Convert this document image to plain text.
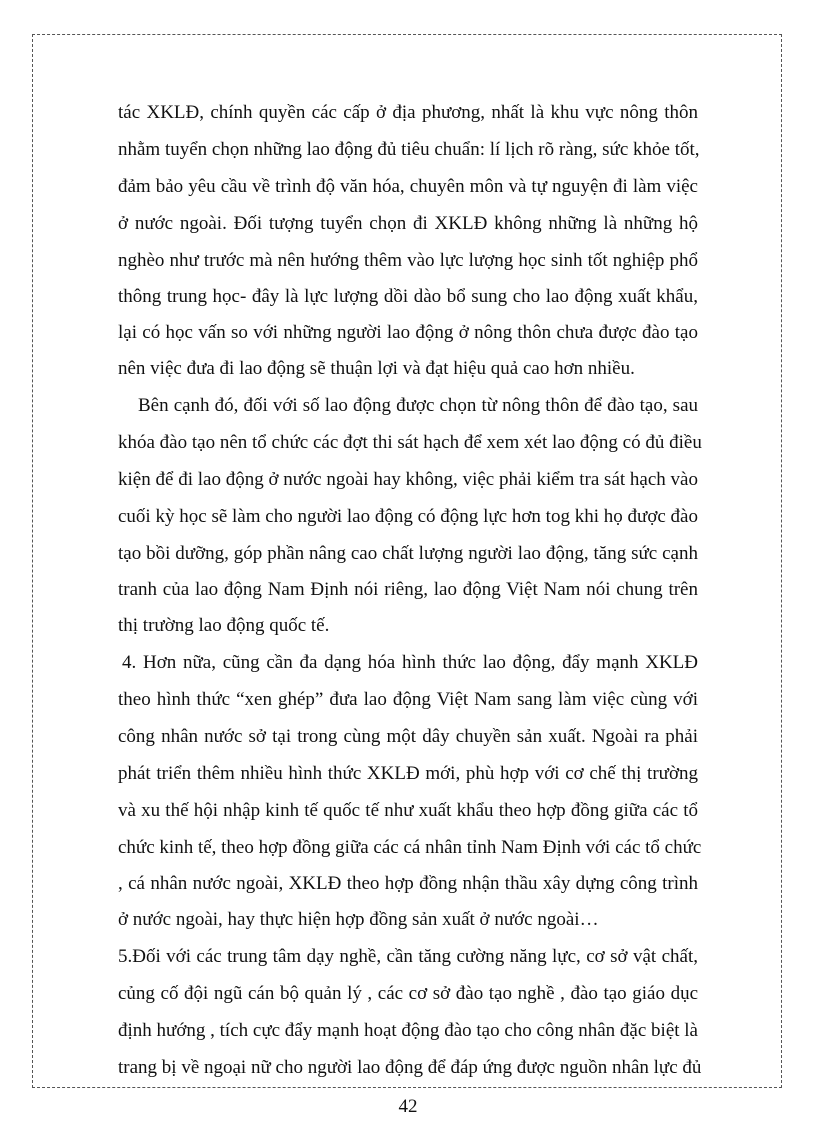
tác XKLĐ, chính quyền các cấp ở địa phương, nhất là khu vực nông thôn
nhằm tuyển chọn những lao động đủ tiêu chuẩn: lí lịch rõ ràng, sức khỏe tốt,
đảm bảo yêu cầu về trình độ văn hóa, chuyên môn và tự nguyện đi làm việc
ở nước ngoài. Đối tượng tuyển chọn đi XKLĐ không những là những hộ
nghèo như trước mà nên hướng thêm vào lực lượng học sinh tốt nghiệp phổ
thông trung học- đây là lực lượng dồi dào bổ sung cho lao động xuất khẩu,
lại có học vấn so với những người lao động ở nông thôn chưa được đào tạo
nên việc đưa đi lao động sẽ thuận lợi và đạt hiệu quả cao hơn nhiều.
Bên cạnh đó, đối với số lao động được chọn từ nông thôn để đào tạo, sau
khóa đào tạo nên tổ chức các đợt thi sát hạch để xem xét lao động có đủ điều
kiện để đi lao động ở nước ngoài hay không, việc phải kiểm tra sát hạch vào
cuối kỳ học sẽ làm cho người lao động có động lực hơn tog khi họ được đào
tạo bồi dưỡng, góp phần nâng cao chất lượng người lao động, tăng sức cạnh
tranh của lao động Nam Định nói riêng, lao động Việt Nam nói chung trên
thị trường lao động quốc tế.
4. Hơn nữa, cũng cần đa dạng hóa hình thức lao động, đẩy mạnh XKLĐ
theo hình thức “xen ghép” đưa lao động Việt Nam sang làm việc cùng với
công nhân nước sở tại trong cùng một dây chuyền sản xuất. Ngoài ra phải
phát triển thêm nhiều hình thức XKLĐ mới, phù hợp với cơ chế thị trường
và xu thế hội nhập kinh tế quốc tế như xuất khẩu theo hợp đồng giữa các tổ
chức kinh tế, theo hợp đồng giữa các cá nhân tỉnh Nam Định với các tổ chức
, cá nhân nước ngoài, XKLĐ theo hợp đồng nhận thầu xây dựng công trình
ở nước ngoài, hay thực hiện hợp đồng sản xuất ở nước ngoài…
5.Đối với các trung tâm dạy nghề, cần tăng cường năng lực, cơ sở vật chất,
củng cố đội ngũ cán bộ quản lý , các cơ sở đào tạo nghề , đào tạo giáo dục
định hướng , tích cực đẩy mạnh hoạt động đào tạo cho công nhân đặc biệt là
trang bị về ngoại nữ cho người lao động để đáp ứng được nguồn nhân lực đủ
42
